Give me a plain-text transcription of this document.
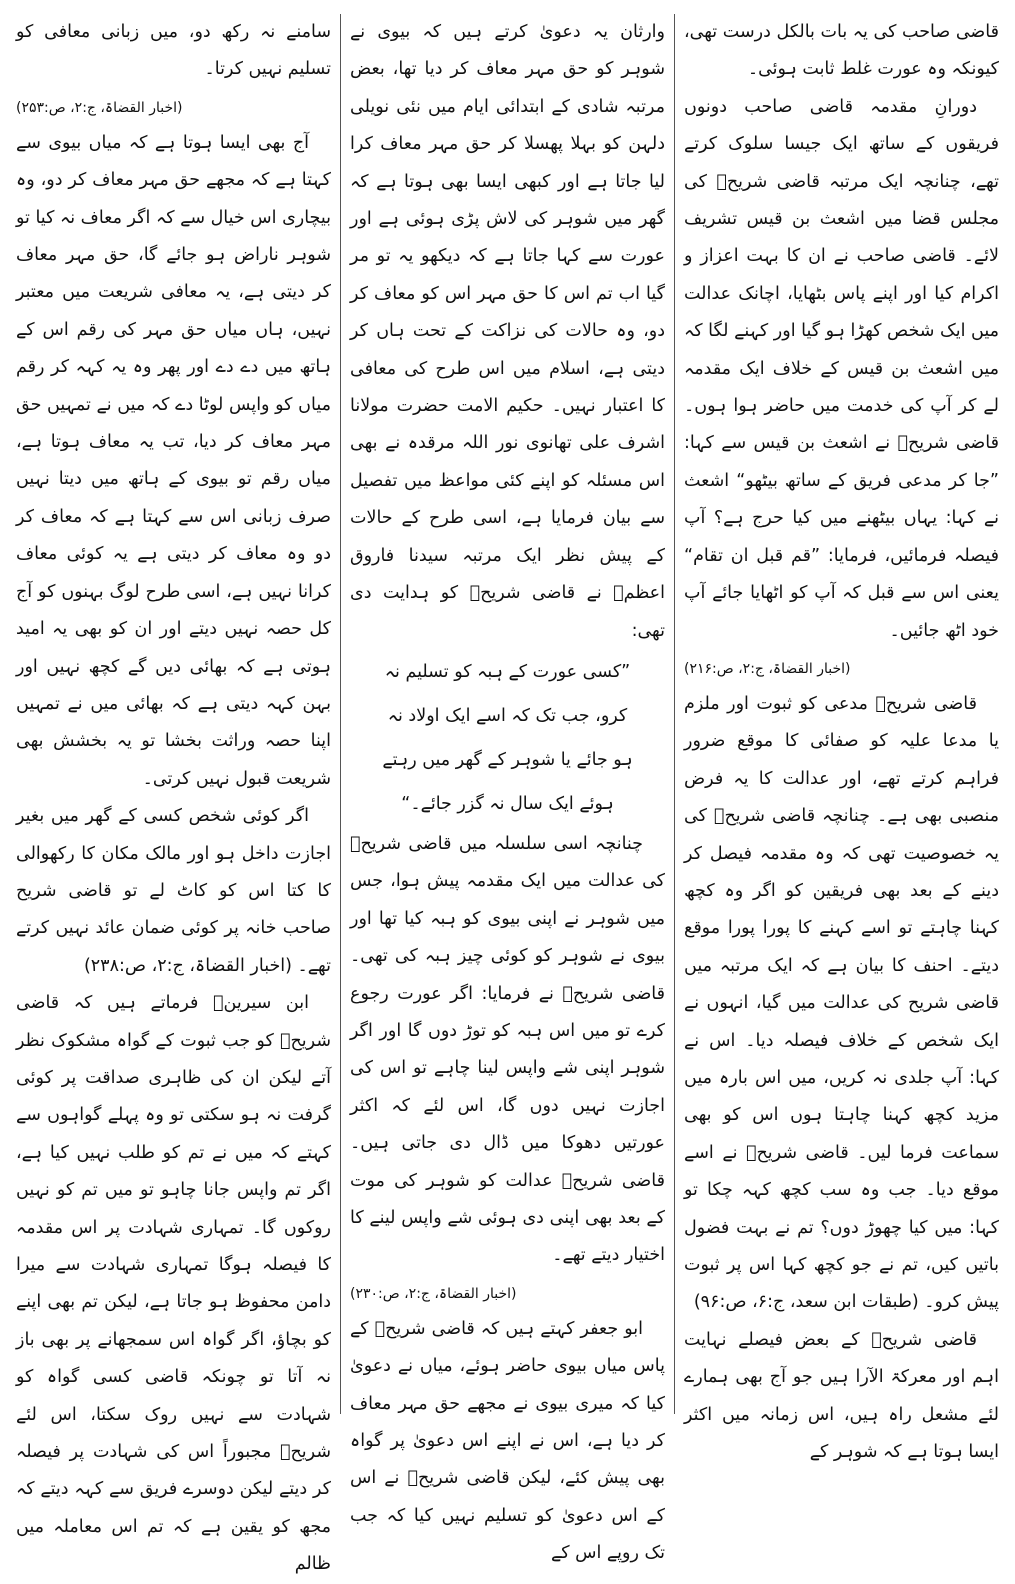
قاضی صاحب کی یہ بات بالکل درست تھی، کیونکہ وہ عورت غلط ثابت ہوئی۔

دورانِ مقدمہ قاضی صاحب دونوں فریقوں کے ساتھ ایک جیسا سلوک کرتے تھے، چنانچہ ایک مرتبہ قاضی شریحؒ کی مجلس قضا میں اشعث بن قیس تشریف لائے۔ قاضی صاحب نے ان کا بہت اعزاز و اکرام کیا اور اپنے پاس بٹھایا، اچانک عدالت میں ایک شخص کھڑا ہو گیا اور کہنے لگا کہ میں اشعث بن قیس کے خلاف ایک مقدمہ لے کر آپ کی خدمت میں حاضر ہوا ہوں۔ قاضی شریحؒ نے اشعث بن قیس سے کہا: ”جا کر مدعی فریق کے ساتھ بیٹھو“ اشعث نے کہا: یہاں بیٹھنے میں کیا حرج ہے؟ آپ فیصلہ فرمائیں، فرمایا: ”قم قبل ان تقام“ یعنی اس سے قبل کہ آپ کو اٹھایا جائے آپ خود اٹھ جائیں۔

(اخبار القضاۃ، ج:۲، ص:۲۱۶)

قاضی شریحؒ مدعی کو ثبوت اور ملزم یا مدعا علیہ کو صفائی کا موقع ضرور فراہم کرتے تھے، اور عدالت کا یہ فرض منصبی بھی ہے۔ چنانچہ قاضی شریحؒ کی یہ خصوصیت تھی کہ وہ مقدمہ فیصل کر دینے کے بعد بھی فریقین کو اگر وہ کچھ کہنا چاہتے تو اسے کہنے کا پورا پورا موقع دیتے۔ احنف کا بیان ہے کہ ایک مرتبہ میں قاضی شریح کی عدالت میں گیا، انہوں نے ایک شخص کے خلاف فیصلہ دیا۔ اس نے کہا: آپ جلدی نہ کریں، میں اس بارہ میں مزید کچھ کہنا چاہتا ہوں اس کو بھی سماعت فرما لیں۔ قاضی شریحؒ نے اسے موقع دیا۔ جب وہ سب کچھ کہہ چکا تو کہا: میں کیا چھوڑ دوں؟ تم نے بہت فضول باتیں کیں، تم نے جو کچھ کہا اس پر ثبوت پیش کرو۔ (طبقات ابن سعد، ج:۶، ص:۹۶)

قاضی شریحؒ کے بعض فیصلے نہایت اہم اور معرکۃ الآرا ہیں جو آج بھی ہمارے لئے مشعل راہ ہیں، اس زمانہ میں اکثر ایسا ہوتا ہے کہ شوہر کے

وارثان یہ دعویٰ کرتے ہیں کہ بیوی نے شوہر کو حق مہر معاف کر دیا تھا، بعض مرتبہ شادی کے ابتدائی ایام میں نئی نویلی دلہن کو بہلا پھسلا کر حق مہر معاف کرا لیا جاتا ہے اور کبھی ایسا بھی ہوتا ہے کہ گھر میں شوہر کی لاش پڑی ہوئی ہے اور عورت سے کہا جاتا ہے کہ دیکھو یہ تو مر گیا اب تم اس کا حق مہر اس کو معاف کر دو، وہ حالات کی نزاکت کے تحت ہاں کر دیتی ہے، اسلام میں اس طرح کی معافی کا اعتبار نہیں۔ حکیم الامت حضرت مولانا اشرف علی تھانوی نور اللہ مرقدہ نے بھی اس مسئلہ کو اپنے کئی مواعظ میں تفصیل سے بیان فرمایا ہے، اسی طرح کے حالات کے پیش نظر ایک مرتبہ سیدنا فاروق اعظمؓ نے قاضی شریحؒ کو ہدایت دی تھی:

”کسی عورت کے ہبہ کو تسلیم نہ کرو، جب تک کہ اسے ایک اولاد نہ ہو جائے یا شوہر کے گھر میں رہتے ہوئے ایک سال نہ گزر جائے۔“

چنانچہ اسی سلسلہ میں قاضی شریحؒ کی عدالت میں ایک مقدمہ پیش ہوا، جس میں شوہر نے اپنی بیوی کو ہبہ کیا تھا اور بیوی نے شوہر کو کوئی چیز ہبہ کی تھی۔ قاضی شریحؒ نے فرمایا: اگر عورت رجوع کرے تو میں اس ہبہ کو توڑ دوں گا اور اگر شوہر اپنی شے واپس لینا چاہے تو اس کی اجازت نہیں دوں گا، اس لئے کہ اکثر عورتیں دھوکا میں ڈال دی جاتی ہیں۔ قاضی شریحؒ عدالت کو شوہر کی موت کے بعد بھی اپنی دی ہوئی شے واپس لینے کا اختیار دیتے تھے۔

(اخبار القضاۃ، ج:۲، ص:۲۳۰)

ابو جعفر کہتے ہیں کہ قاضی شریحؒ کے پاس میاں بیوی حاضر ہوئے، میاں نے دعویٰ کیا کہ میری بیوی نے مجھے حق مہر معاف کر دیا ہے، اس نے اپنے اس دعویٰ پر گواہ بھی پیش کئے، لیکن قاضی شریحؒ نے اس کے اس دعویٰ کو تسلیم نہیں کیا کہ جب تک روپے اس کے

سامنے نہ رکھ دو، میں زبانی معافی کو تسلیم نہیں کرتا۔

(اخبار القضاۃ، ج:۲، ص:۲۵۳)

آج بھی ایسا ہوتا ہے کہ میاں بیوی سے کہتا ہے کہ مجھے حق مہر معاف کر دو، وہ بیچاری اس خیال سے کہ اگر معاف نہ کیا تو شوہر ناراض ہو جائے گا، حق مہر معاف کر دیتی ہے، یہ معافی شریعت میں معتبر نہیں، ہاں میاں حق مہر کی رقم اس کے ہاتھ میں دے دے اور پھر وہ یہ کہہ کر رقم میاں کو واپس لوٹا دے کہ میں نے تمہیں حق مہر معاف کر دیا، تب یہ معاف ہوتا ہے، میاں رقم تو بیوی کے ہاتھ میں دیتا نہیں صرف زبانی اس سے کہتا ہے کہ معاف کر دو وہ معاف کر دیتی ہے یہ کوئی معاف کرانا نہیں ہے، اسی طرح لوگ بہنوں کو آج کل حصہ نہیں دیتے اور ان کو بھی یہ امید ہوتی ہے کہ بھائی دیں گے کچھ نہیں اور بہن کہہ دیتی ہے کہ بھائی میں نے تمہیں اپنا حصہ وراثت بخشا تو یہ بخشش بھی شریعت قبول نہیں کرتی۔

اگر کوئی شخص کسی کے گھر میں بغیر اجازت داخل ہو اور مالک مکان کا رکھوالی کا کتا اس کو کاٹ لے تو قاضی شریح صاحب خانہ پر کوئی ضمان عائد نہیں کرتے تھے۔ (اخبار القضاۃ، ج:۲، ص:۲۳۸)

ابن سیرینؒ فرماتے ہیں کہ قاضی شریحؒ کو جب ثبوت کے گواہ مشکوک نظر آتے لیکن ان کی ظاہری صداقت پر کوئی گرفت نہ ہو سکتی تو وہ پہلے گواہوں سے کہتے کہ میں نے تم کو طلب نہیں کیا ہے، اگر تم واپس جانا چاہو تو میں تم کو نہیں روکوں گا۔ تمہاری شہادت پر اس مقدمہ کا فیصلہ ہوگا تمہاری شہادت سے میرا دامن محفوظ ہو جاتا ہے، لیکن تم بھی اپنے کو بچاؤ، اگر گواہ اس سمجھانے پر بھی باز نہ آتا تو چونکہ قاضی کسی گواہ کو شہادت سے نہیں روک سکتا، اس لئے شریحؒ مجبوراً اس کی شہادت پر فیصلہ کر دیتے لیکن دوسرے فریق سے کہہ دیتے کہ مجھ کو یقین ہے کہ تم اس معاملہ میں ظالم
